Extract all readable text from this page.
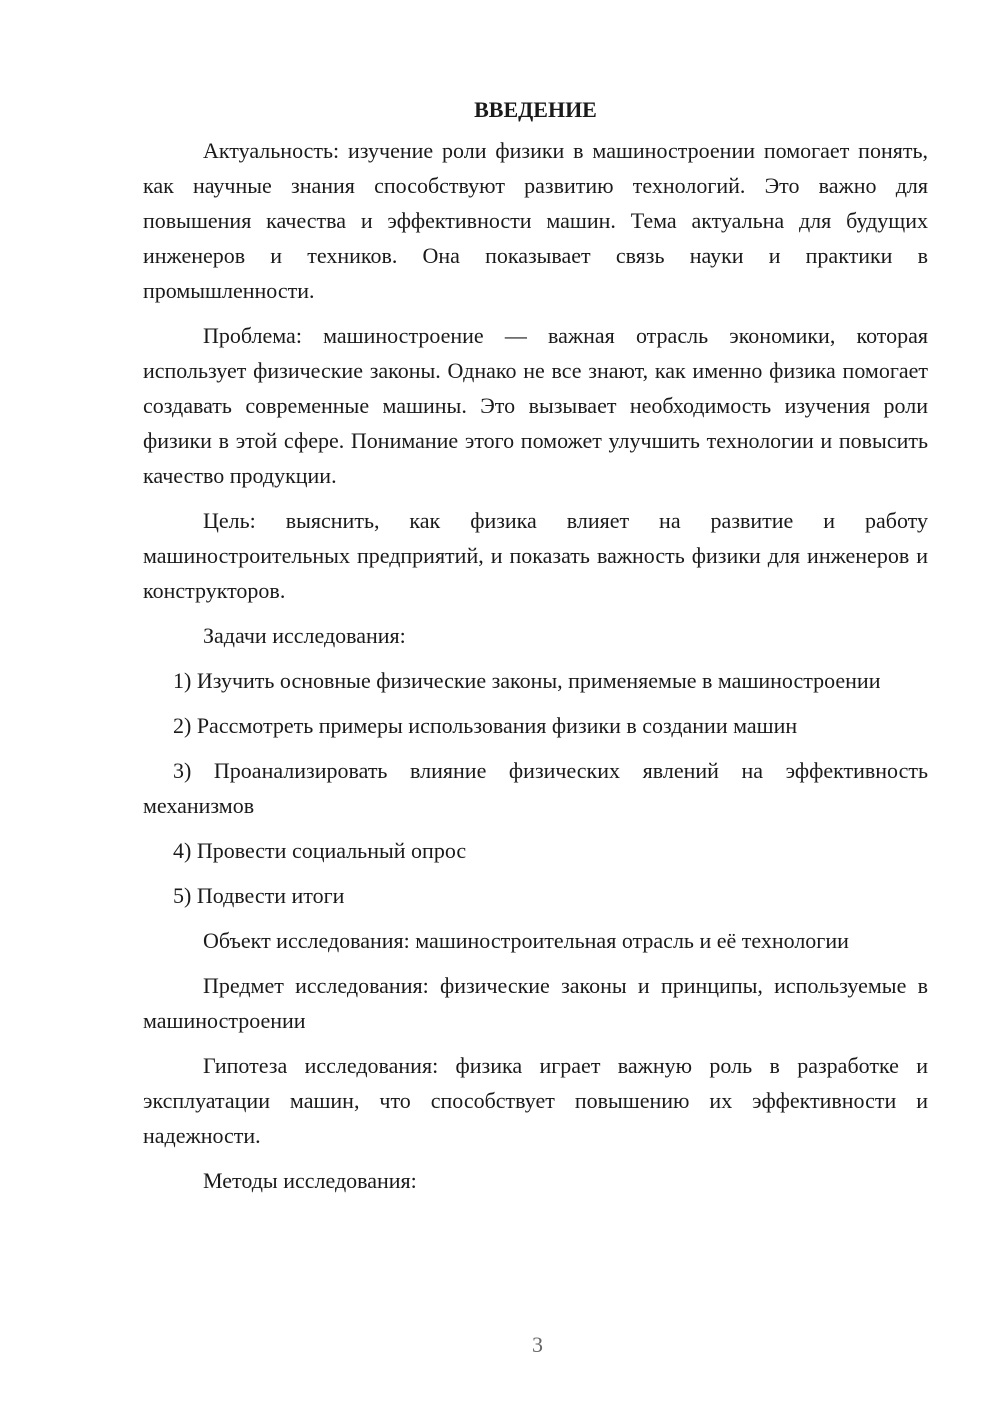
ВВЕДЕНИЕ

Актуальность: изучение роли физики в машиностроении помогает понять, как научные знания способствуют развитию технологий. Это важно для повышения качества и эффективности машин. Тема актуальна для будущих инженеров и техников. Она показывает связь науки и практики в промышленности.

Проблема: машиностроение — важная отрасль экономики, которая использует физические законы. Однако не все знают, как именно физика помогает создавать современные машины. Это вызывает необходимость изучения роли физики в этой сфере. Понимание этого поможет улучшить технологии и повысить качество продукции.

Цель: выяснить, как физика влияет на развитие и работу машиностроительных предприятий, и показать важность физики для инженеров и конструкторов.

Задачи исследования:

1) Изучить основные физические законы, применяемые в машиностроении

2) Рассмотреть примеры использования физики в создании машин

3) Проанализировать влияние физических явлений на эффективность механизмов

4) Провести социальный опрос

5) Подвести итоги

Объект исследования: машиностроительная отрасль и её технологии

Предмет исследования: физические законы и принципы, используемые в машиностроении

Гипотеза исследования: физика играет важную роль в разработке и эксплуатации машин, что способствует повышению их эффективности и надежности.

Методы исследования:

3
